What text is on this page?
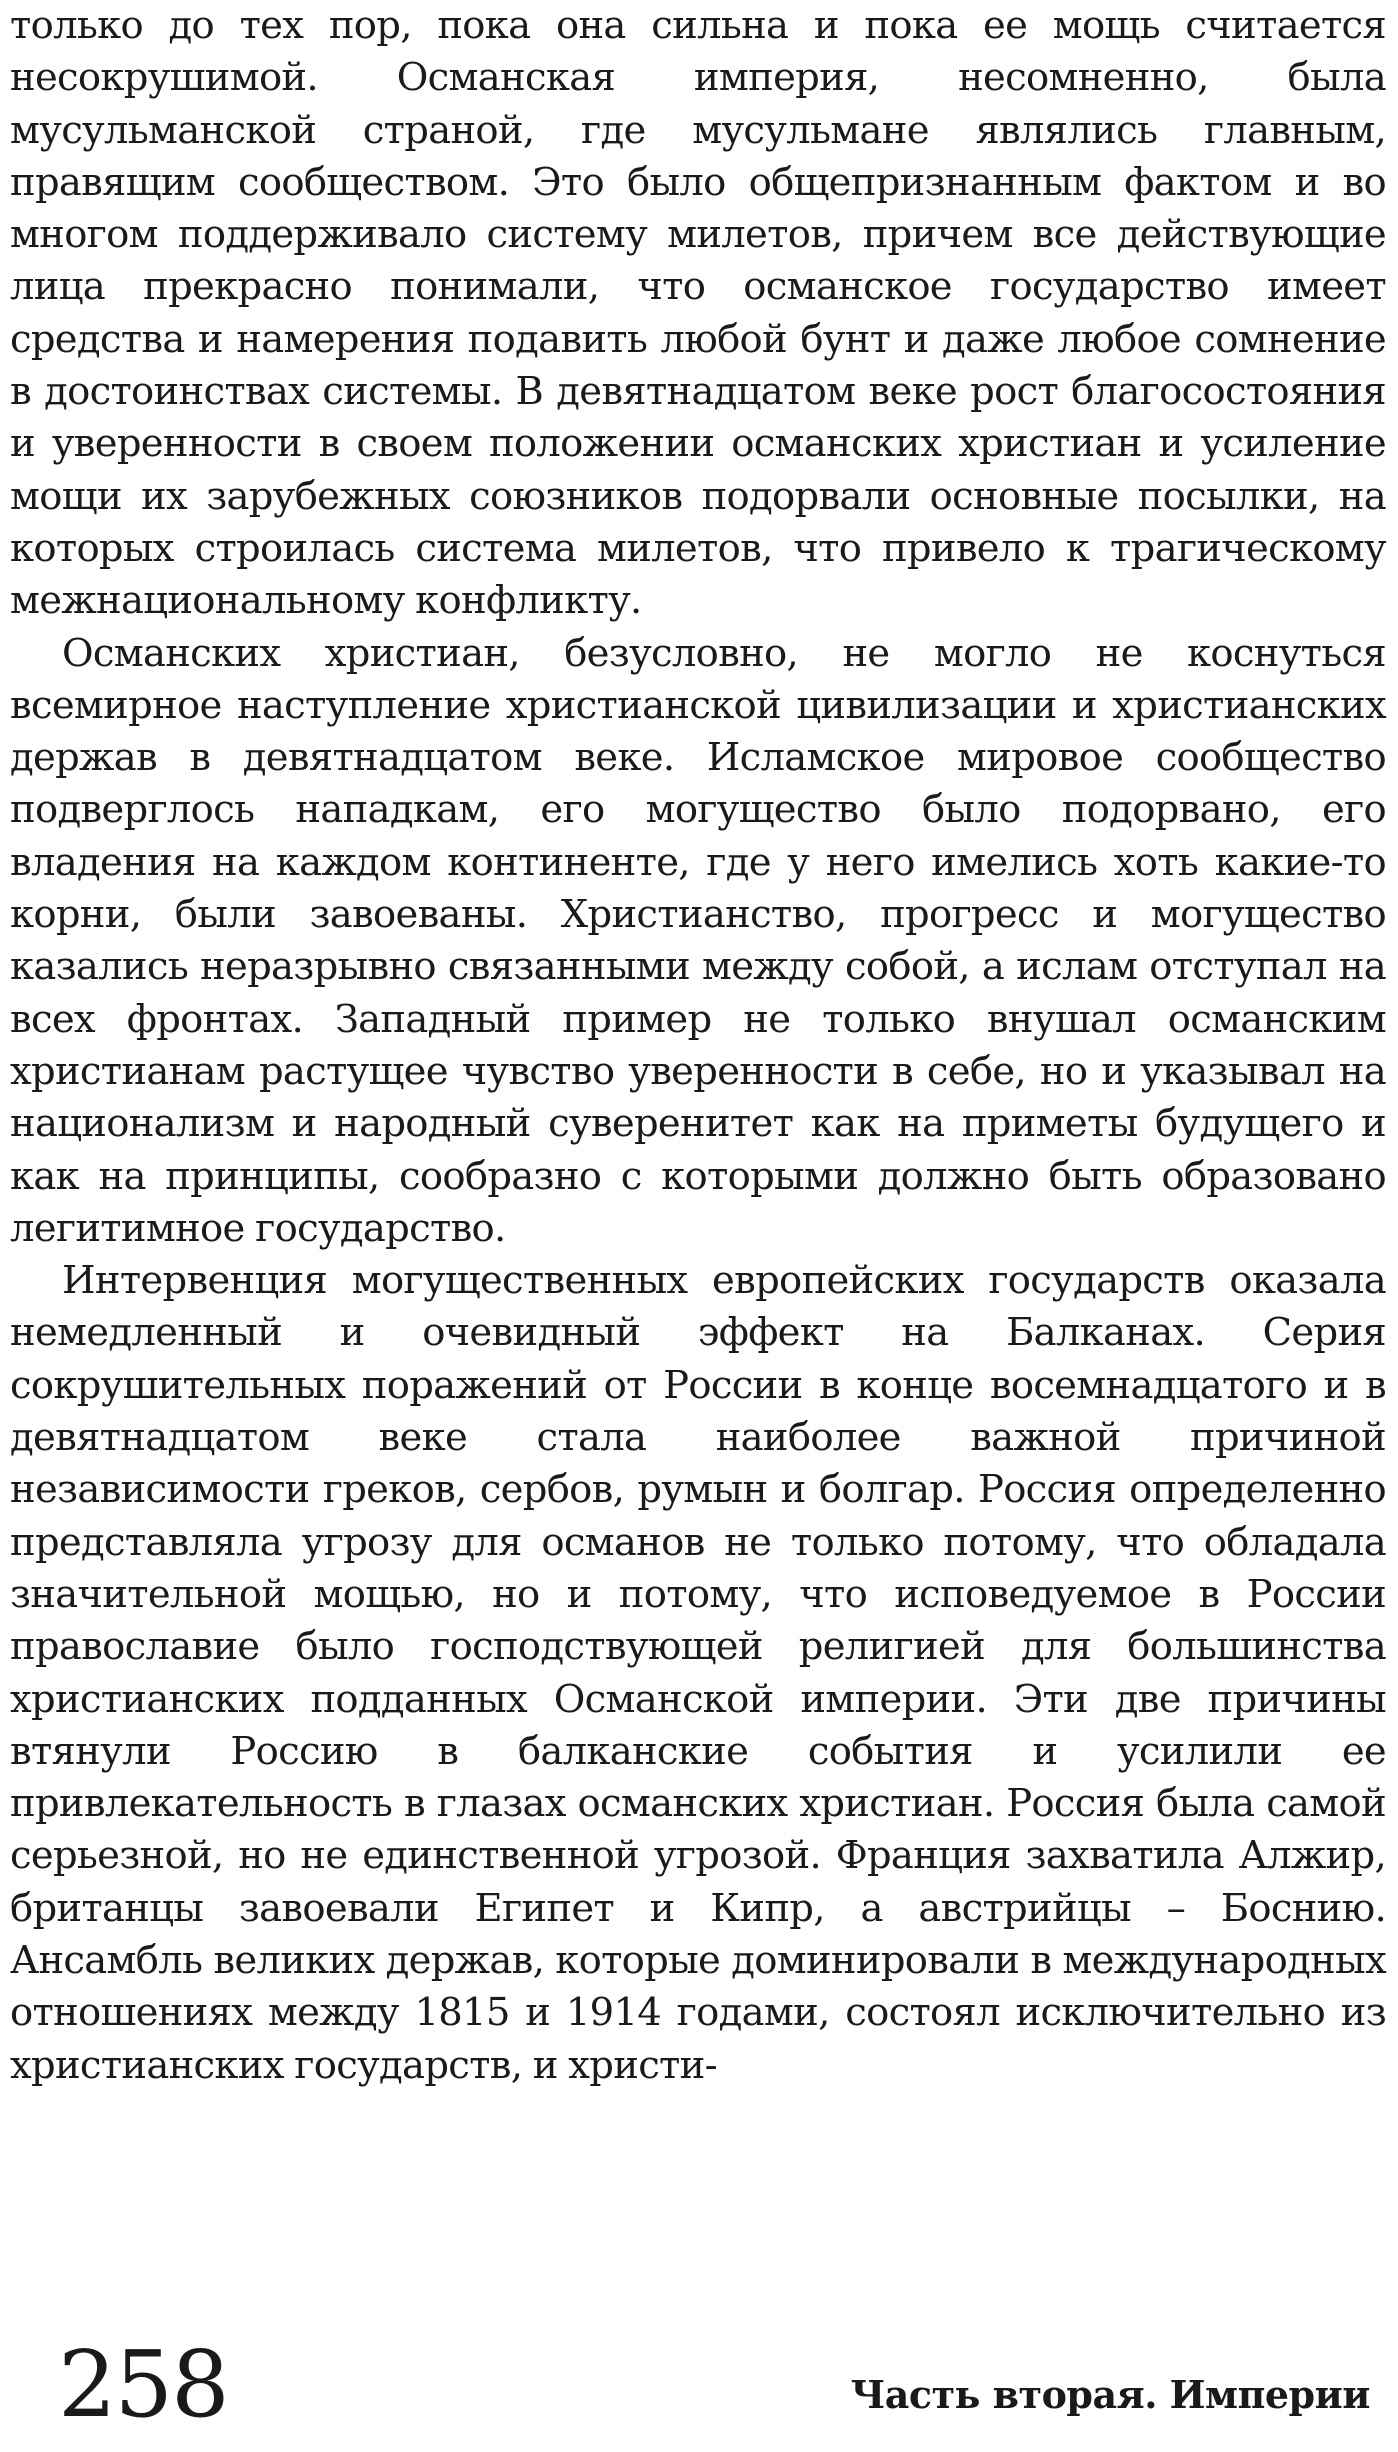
только до тех пор, пока она сильна и пока ее мощь считается несокрушимой. Османская империя, несомненно, была мусульманской страной, где мусульмане являлись главным, правящим сообществом. Это было общепризнанным фактом и во многом поддерживало систему милетов, причем все действующие лица прекрасно понимали, что османское государство имеет средства и намерения подавить любой бунт и даже любое сомнение в достоинствах системы. В девятнадцатом веке рост благосостояния и уверенности в своем положении османских христиан и усиление мощи их зарубежных союзников подорвали основные посылки, на которых строилась система милетов, что привело к трагическому межнациональному конфликту.

Османских христиан, безусловно, не могло не коснуться всемирное наступление христианской цивилизации и христианских держав в девятнадцатом веке. Исламское мировое сообщество подверглось нападкам, его могущество было подорвано, его владения на каждом континенте, где у него имелись хоть какие-то корни, были завоеваны. Христианство, прогресс и могущество казались неразрывно связанными между собой, а ислам отступал на всех фронтах. Западный пример не только внушал османским христианам растущее чувство уверенности в себе, но и указывал на национализм и народный суверенитет как на приметы будущего и как на принципы, сообразно с которыми должно быть образовано легитимное государство.

Интервенция могущественных европейских государств оказала немедленный и очевидный эффект на Балканах. Серия сокрушительных поражений от России в конце восемнадцатого и в девятнадцатом веке стала наиболее важной причиной независимости греков, сербов, румын и болгар. Россия определенно представляла угрозу для османов не только потому, что обладала значительной мощью, но и потому, что исповедуемое в России православие было господствующей религией для большинства христианских подданных Османской империи. Эти две причины втянули Россию в балканские события и усилили ее привлекательность в глазах османских христиан. Россия была самой серьезной, но не единственной угрозой. Франция захватила Алжир, британцы завоевали Египет и Кипр, а австрийцы – Боснию. Ансамбль великих держав, которые доминировали в международных отношениях между 1815 и 1914 годами, состоял исключительно из христианских государств, и христи-

258	Часть вторая. Империи
